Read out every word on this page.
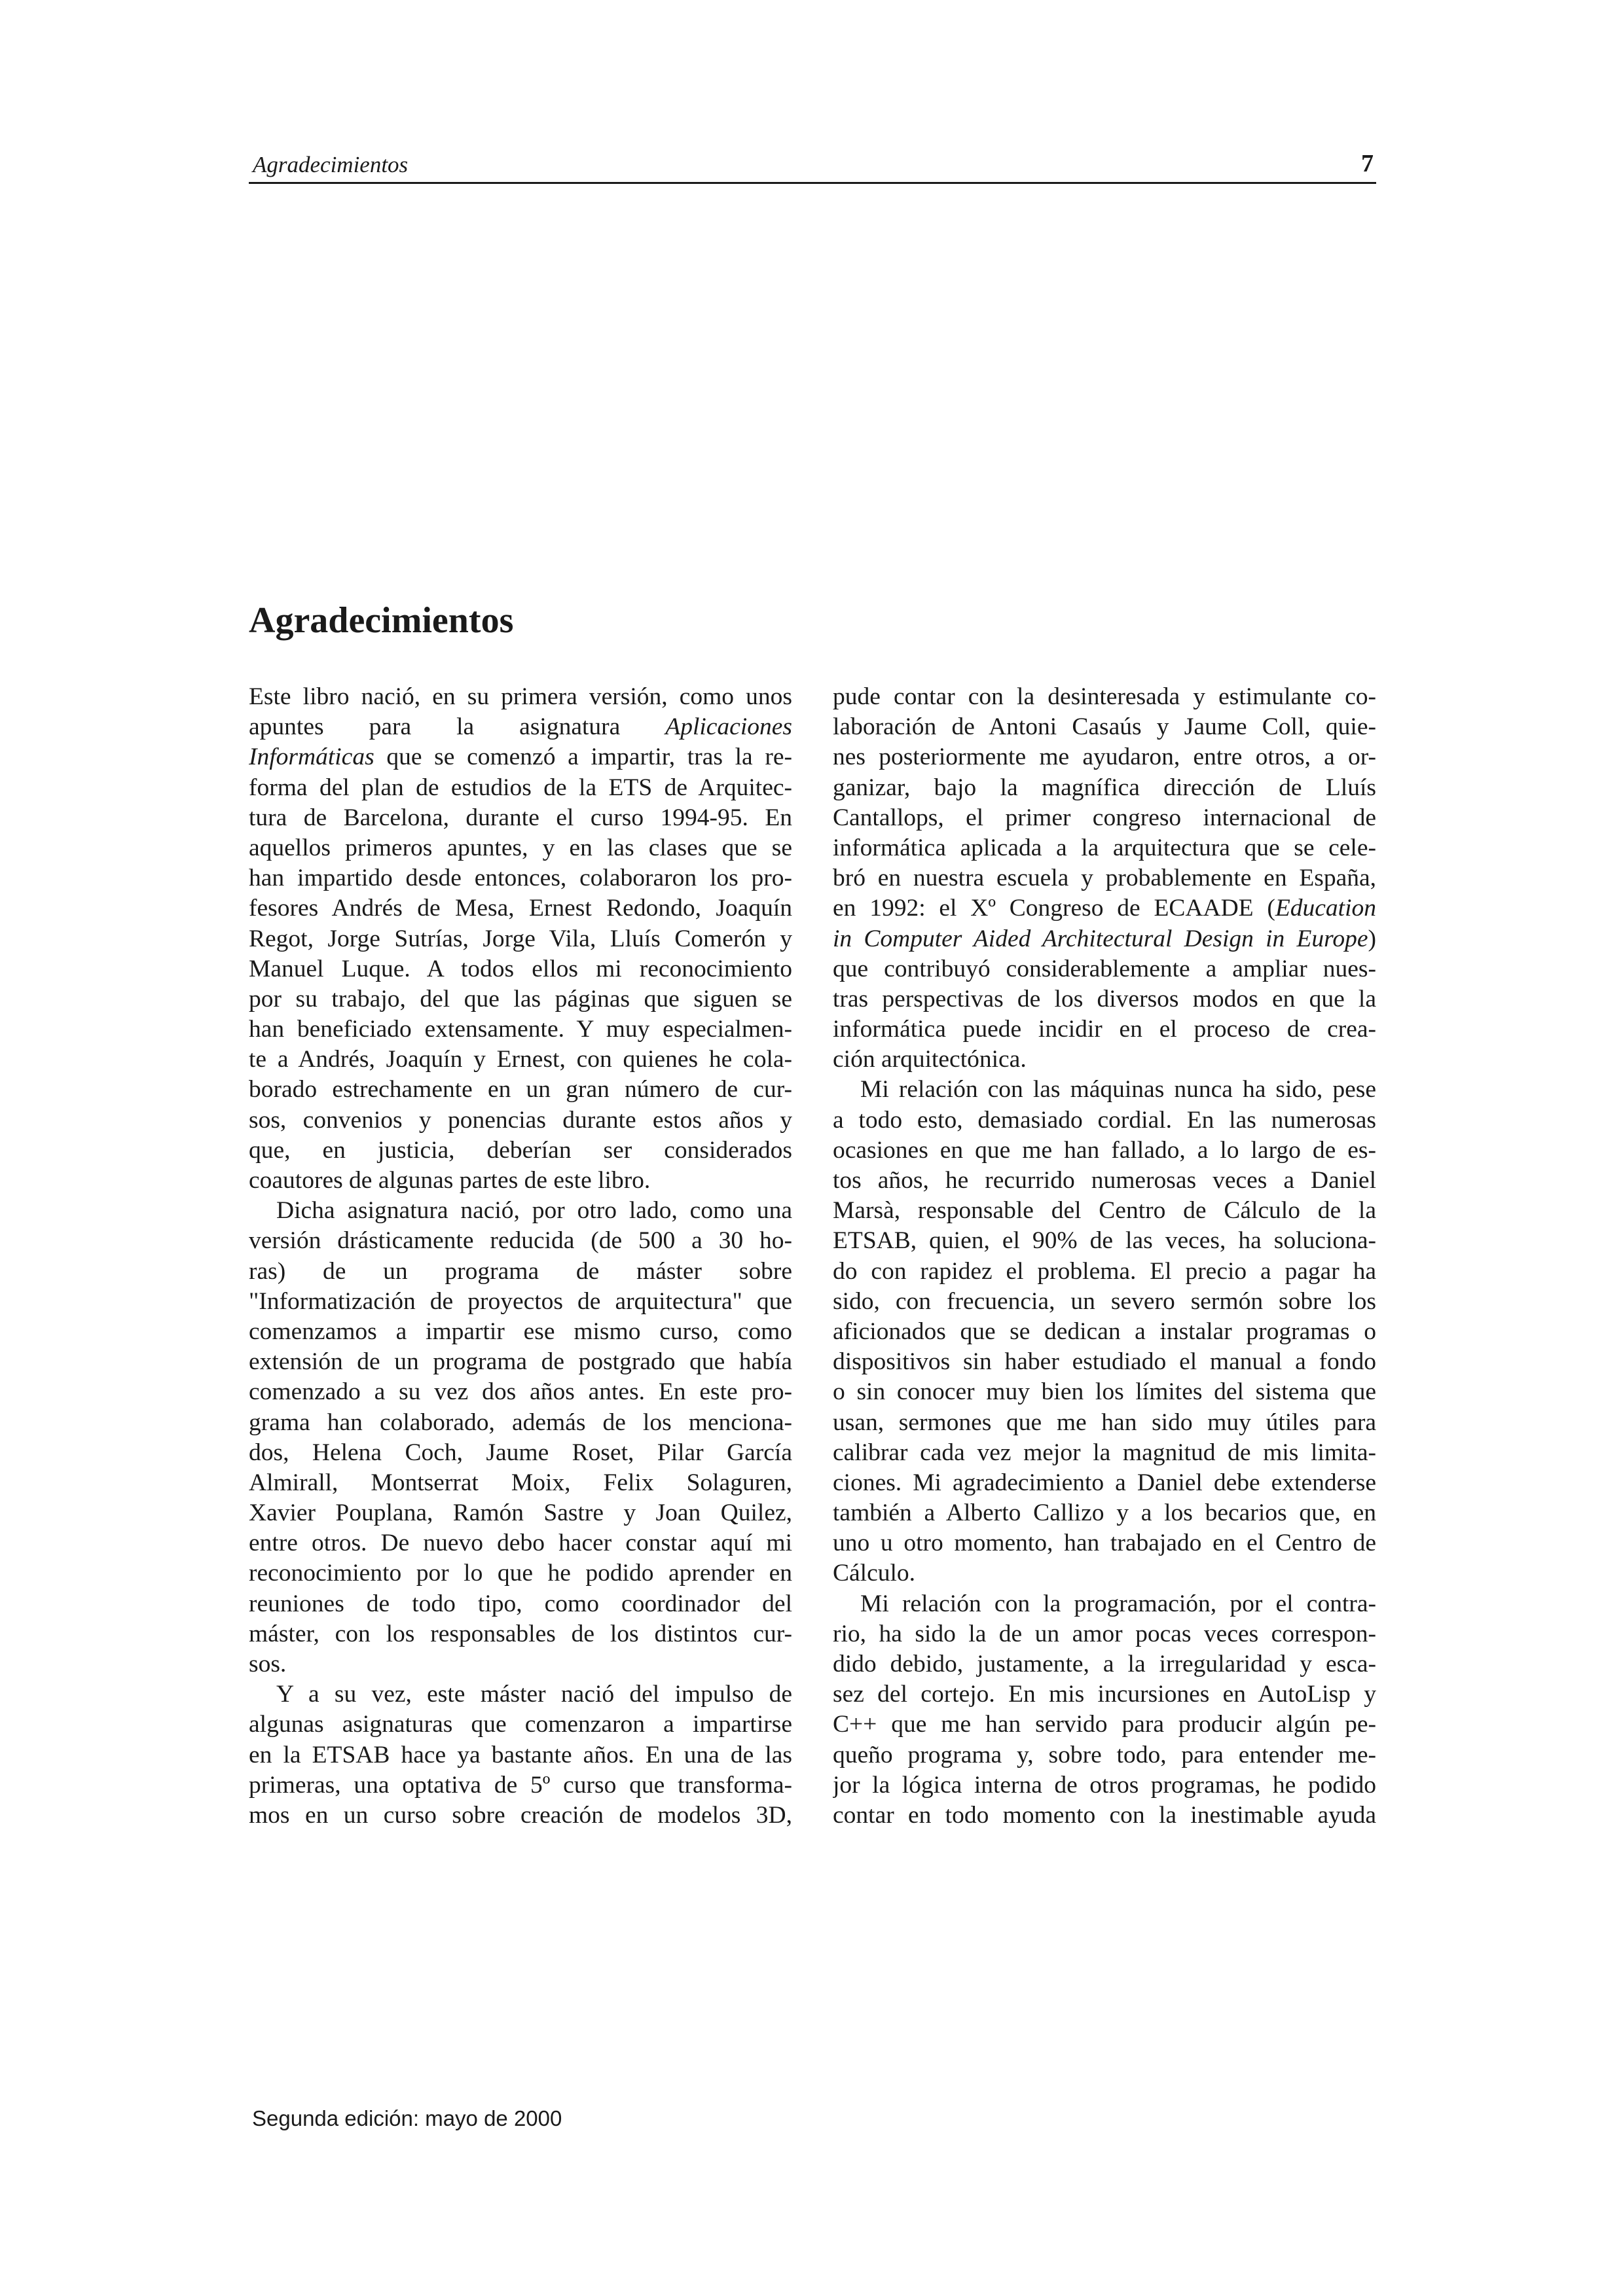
Agradecimientos	7
Agradecimientos
Este libro nació, en su primera versión, como unos
apuntes para la asignatura Aplicaciones
Informáticas que se comenzó a impartir, tras la re-
forma del plan de estudios de la ETS de Arquitec-
tura de Barcelona, durante el curso 1994-95. En
aquellos primeros apuntes, y en las clases que se
han impartido desde entonces, colaboraron los pro-
fesores Andrés de Mesa, Ernest Redondo, Joaquín
Regot, Jorge Sutrías, Jorge Vila, Lluís Comerón y
Manuel Luque. A todos ellos mi reconocimiento
por su trabajo, del que las páginas que siguen se
han beneficiado extensamente. Y muy especialmen-
te a Andrés, Joaquín y Ernest, con quienes he cola-
borado estrechamente en un gran número de cur-
sos, convenios y ponencias durante estos años y
que, en justicia, deberían ser considerados
coautores de algunas partes de este libro.
Dicha asignatura nació, por otro lado, como una
versión drásticamente reducida (de 500 a 30 ho-
ras) de un programa de máster sobre
"Informatización de proyectos de arquitectura" que
comenzamos a impartir ese mismo curso, como
extensión de un programa de postgrado que había
comenzado a su vez dos años antes. En este pro-
grama han colaborado, además de los menciona-
dos, Helena Coch, Jaume Roset, Pilar García
Almirall, Montserrat Moix, Felix Solaguren,
Xavier Pouplana, Ramón Sastre y Joan Quilez,
entre otros. De nuevo debo hacer constar aquí mi
reconocimiento por lo que he podido aprender en
reuniones de todo tipo, como coordinador del
máster, con los responsables de los distintos cur-
sos.
Y a su vez, este máster nació del impulso de
algunas asignaturas que comenzaron a impartirse
en la ETSAB hace ya bastante años. En una de las
primeras, una optativa de 5º curso que transforma-
mos en un curso sobre creación de modelos 3D,
pude contar con la desinteresada y estimulante co-
laboración de Antoni Casaús y Jaume Coll, quie-
nes posteriormente me ayudaron, entre otros, a or-
ganizar, bajo la magnífica dirección de Lluís
Cantallops, el primer congreso internacional de
informática aplicada a la arquitectura que se cele-
bró en nuestra escuela y probablemente en España,
en 1992: el Xº Congreso de ECAADE (Education
in Computer Aided Architectural Design in Europe)
que contribuyó considerablemente a ampliar nues-
tras perspectivas de los diversos modos en que la
informática puede incidir en el proceso de crea-
ción arquitectónica.
Mi relación con las máquinas nunca ha sido, pese
a todo esto, demasiado cordial. En las numerosas
ocasiones en que me han fallado, a lo largo de es-
tos años, he recurrido numerosas veces a Daniel
Marsà, responsable del Centro de Cálculo de la
ETSAB, quien, el 90% de las veces, ha soluciona-
do con rapidez el problema. El precio a pagar ha
sido, con frecuencia, un severo sermón sobre los
aficionados que se dedican a instalar programas o
dispositivos sin haber estudiado el manual a fondo
o sin conocer muy bien los límites del sistema que
usan, sermones que me han sido muy útiles para
calibrar cada vez mejor la magnitud de mis limita-
ciones. Mi agradecimiento a Daniel debe extenderse
también a Alberto Callizo y a los becarios que, en
uno u otro momento, han trabajado en el Centro de
Cálculo.
Mi relación con la programación, por el contra-
rio, ha sido la de un amor pocas veces correspon-
dido debido, justamente, a la irregularidad y esca-
sez del cortejo. En mis incursiones en AutoLisp y
C++ que me han servido para producir algún pe-
queño programa y, sobre todo, para entender me-
jor la lógica interna de otros programas, he podido
contar en todo momento con la inestimable ayuda
Segunda edición: mayo de 2000
